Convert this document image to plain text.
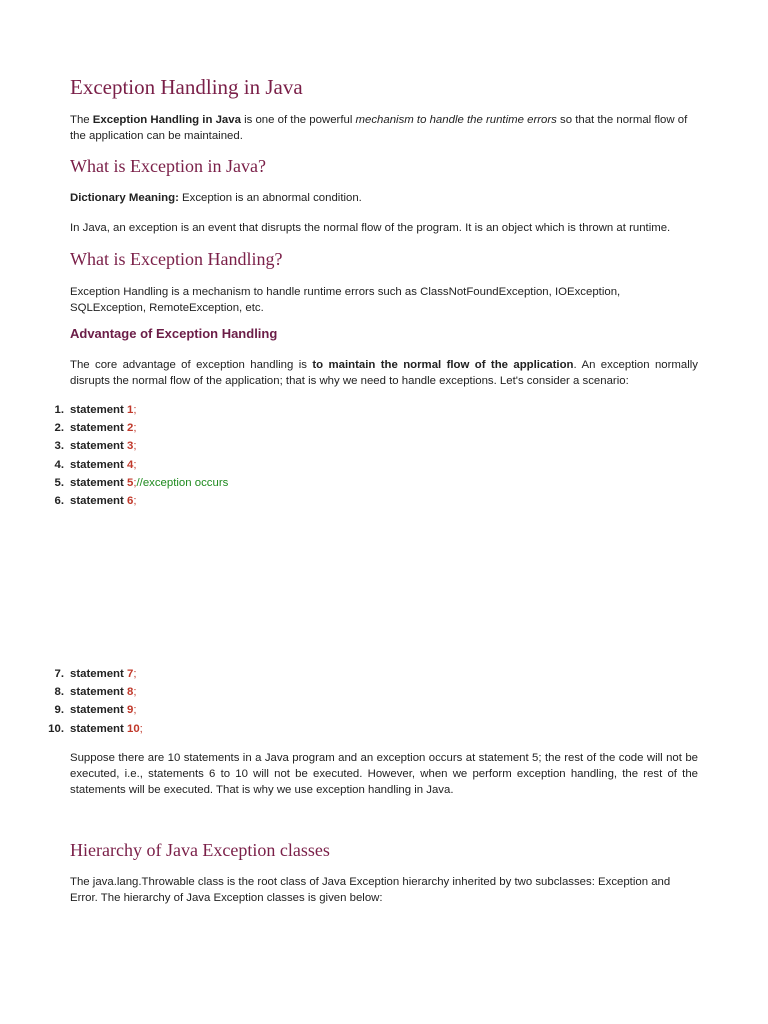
Exception Handling in Java

The Exception Handling in Java is one of the powerful mechanism to handle the runtime errors so that the normal flow of the application can be maintained.

What is Exception in Java?

Dictionary Meaning: Exception is an abnormal condition.

In Java, an exception is an event that disrupts the normal flow of the program. It is an object which is thrown at runtime.

What is Exception Handling?

Exception Handling is a mechanism to handle runtime errors such as ClassNotFoundException, IOException, SQLException, RemoteException, etc.

Advantage of Exception Handling

The core advantage of exception handling is to maintain the normal flow of the application. An exception normally disrupts the normal flow of the application; that is why we need to handle exceptions. Let's consider a scenario:

1. statement 1;
2. statement 2;
3. statement 3;
4. statement 4;
5. statement 5;//exception occurs
6. statement 6;
7. statement 7;
8. statement 8;
9. statement 9;
10. statement 10;

Suppose there are 10 statements in a Java program and an exception occurs at statement 5; the rest of the code will not be executed, i.e., statements 6 to 10 will not be executed. However, when we perform exception handling, the rest of the statements will be executed. That is why we use exception handling in Java.

Hierarchy of Java Exception classes

The java.lang.Throwable class is the root class of Java Exception hierarchy inherited by two subclasses: Exception and Error. The hierarchy of Java Exception classes is given below:
